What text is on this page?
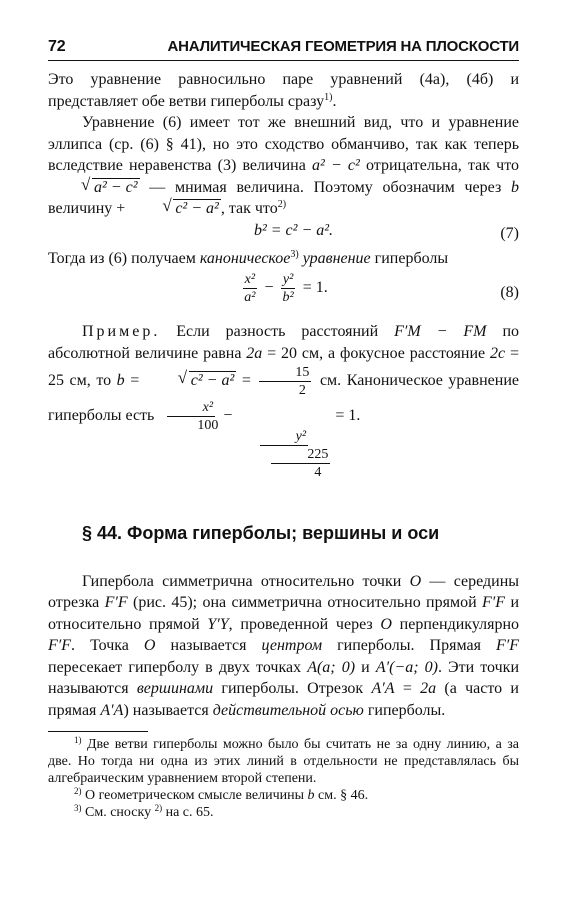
72	АНАЛИТИЧЕСКАЯ ГЕОМЕТРИЯ НА ПЛОСКОСТИ

Это уравнение равносильно паре уравнений (4а), (4б) и представляет обе ветви гиперболы сразу$^{1)}$.

Уравнение (6) имеет тот же внешний вид, что и уравнение эллипса (ср. (6) § 41), но это сходство обманчиво, так как теперь вследствие неравенства (3) величина a² − c² отрицательна, так что √ a² − c² — мнимая величина. Поэтому обозначим через b величину +	√ c² − a² , так что$^{2)}$

b² = c² − a².	(7)

Тогда из (6) получаем каноническое$^{3)}$ уравнение гиперболы

$\frac{\text{x²}}{\text{a²}} - \frac{\text{y²}}{\text{b²}} = 1$.	(8)

Пример. Если разность расстояний F′M − FM по абсолютной величине равна 2a = 20 см, а фокусное расстояние 2c = 25 см, то b =	√ $c^2 - a^2 = \frac{15}{2}$ см. Каноническое уравнение гиперболы есть $\frac{\text{x²}}{100}$ −
$\frac{\text{y²}}{\frac{225}{4}}$
= 1.

§ 44. Форма гиперболы; вершины и оси

Гипербола симметрична относительно точки O — середины отрезка F′F (рис. 45); она симметрична относительно прямой F′F и относительно прямой Y′Y, проведенной через O перпендикулярно F′F. Точка O называется центром гиперболы. Прямая F′F пересекает гиперболу в двух точках A(a; 0) и A′(−a; 0). Эти точки называются вершинами гиперболы. Отрезок A′A = 2a (а часто и прямая A′A) называется действительной осью гиперболы.

$^{1)}$ Две ветви гиперболы можно было бы считать не за одну линию, а за две. Но тогда ни одна из этих линий в отдельности не представлялась бы алгебраическим уравнением второй степени.

$^{2)}$ О геометрическом смысле величины b см. § 46.

$^{3)}$ См. сноску $^{2)}$ на с. 65.
